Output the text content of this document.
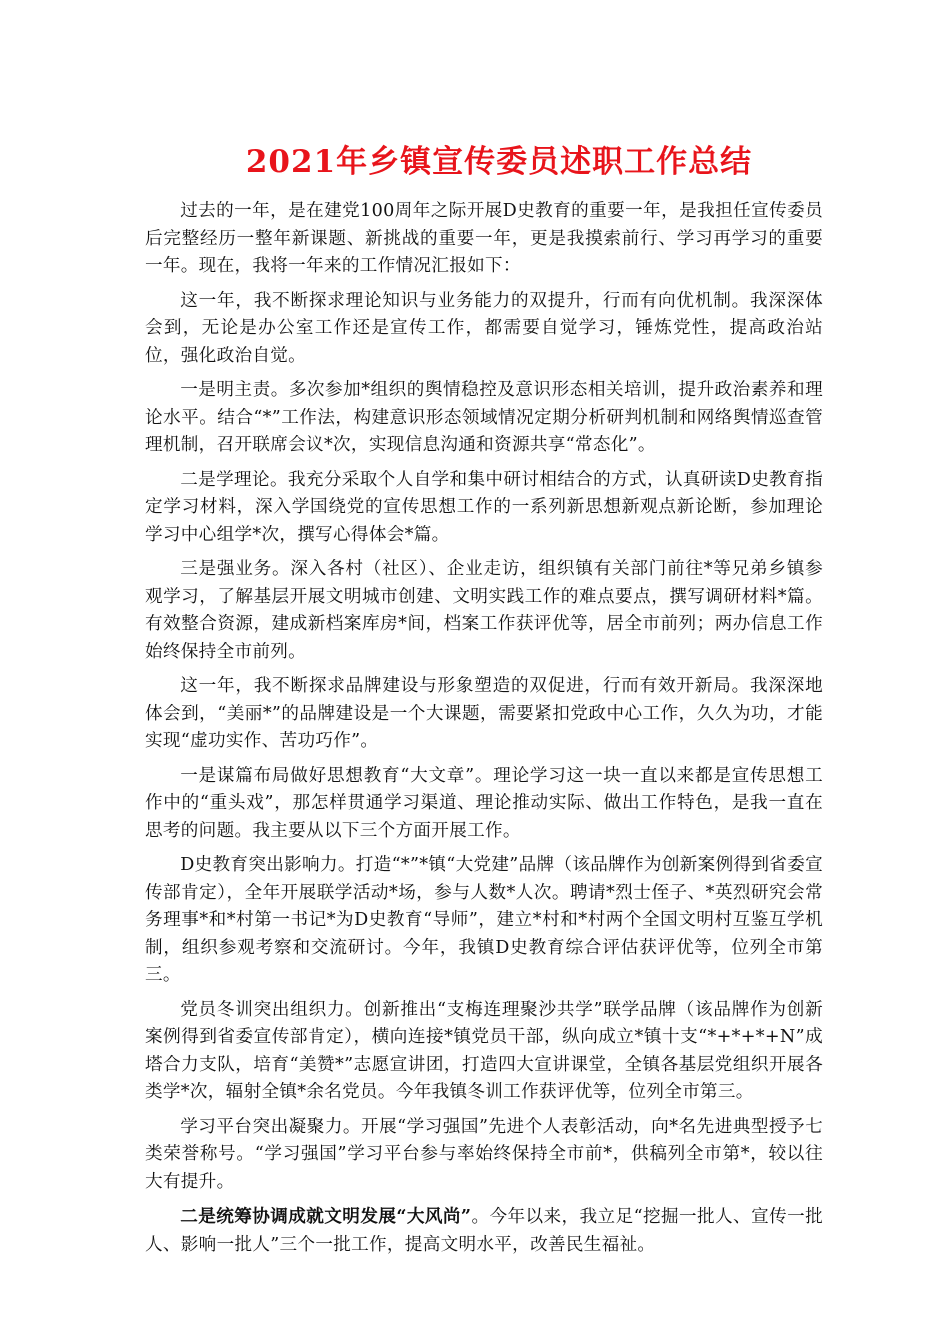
2021年乡镇宣传委员述职工作总结

过去的一年，是在建党100周年之际开展D史教育的重要一年，是我担任宣传委员后完整经历一整年新课题、新挑战的重要一年，更是我摸索前行、学习再学习的重要一年。现在，我将一年来的工作情况汇报如下：

这一年，我不断探求理论知识与业务能力的双提升，行而有向优机制。我深深体会到，无论是办公室工作还是宣传工作，都需要自觉学习，锤炼党性，提高政治站位，强化政治自觉。

一是明主责。多次参加*组织的舆情稳控及意识形态相关培训，提升政治素养和理论水平。结合“*”工作法，构建意识形态领域情况定期分析研判机制和网络舆情巡查管理机制，召开联席会议*次，实现信息沟通和资源共享“常态化”。

二是学理论。我充分采取个人自学和集中研讨相结合的方式，认真研读D史教育指定学习材料，深入学国绕党的宣传思想工作的一系列新思想新观点新论断，参加理论学习中心组学*次，撰写心得体会*篇。

三是强业务。深入各村（社区）、企业走访，组织镇有关部门前往*等兄弟乡镇参观学习，了解基层开展文明城市创建、文明实践工作的难点要点，撰写调研材料*篇。有效整合资源，建成新档案库房*间，档案工作获评优等，居全市前列；两办信息工作始终保持全市前列。

这一年，我不断探求品牌建设与形象塑造的双促进，行而有效开新局。我深深地体会到，“美丽*”的品牌建设是一个大课题，需要紧扣党政中心工作，久久为功，才能实现“虚功实作、苦功巧作”。

一是谋篇布局做好思想教育“大文章”。理论学习这一块一直以来都是宣传思想工作中的“重头戏”，那怎样贯通学习渠道、理论推动实际、做出工作特色，是我一直在思考的问题。我主要从以下三个方面开展工作。

D史教育突出影响力。打造“*”*镇“大党建”品牌（该品牌作为创新案例得到省委宣传部肯定），全年开展联学活动*场，参与人数*人次。聘请*烈士侄子、*英烈研究会常务理事*和*村第一书记*为D史教育“导师”，建立*村和*村两个全国文明村互鉴互学机制，组织参观考察和交流研讨。今年，我镇D史教育综合评估获评优等，位列全市第三。

党员冬训突出组织力。创新推出“支梅连理聚沙共学”联学品牌（该品牌作为创新案例得到省委宣传部肯定），横向连接*镇党员干部，纵向成立*镇十支“*+*+*+N”成塔合力支队，培育“美赞*”志愿宣讲团，打造四大宣讲课堂，全镇各基层党组织开展各类学*次，辐射全镇*余名党员。今年我镇冬训工作获评优等，位列全市第三。

学习平台突出凝聚力。开展“学习强国”先进个人表彰活动，向*名先进典型授予七类荣誉称号。“学习强国”学习平台参与率始终保持全市前*，供稿列全市第*，较以往大有提升。

二是统筹协调成就文明发展“大风尚”。今年以来，我立足“挖掘一批人、宣传一批人、影响一批人”三个一批工作，提高文明水平，改善民生福祉。
